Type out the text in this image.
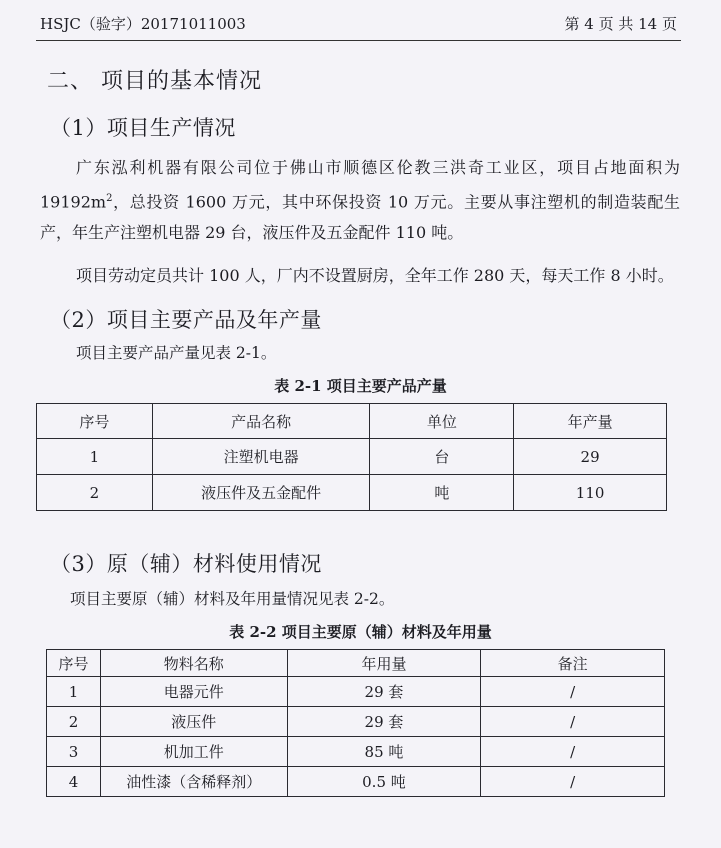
HSJC（验字）20171011003	第 4 页 共 14 页
二、 项目的基本情况
（1）项目生产情况

广东泓利机器有限公司位于佛山市顺德区伦教三洪奇工业区，项目占地面积为$19192m^2$，总投资 1600 万元，其中环保投资 10 万元。主要从事注塑机的制造装配生产，年生产注塑机电器 29 台，液压件及五金配件 110 吨。

项目劳动定员共计 100 人，厂内不设置厨房，全年工作 280 天，每天工作 8 小时。

（2）项目主要产品及年产量
项目主要产品产量见表 2-1。
表 2-1 项目主要产品产量
序号	产品名称	单位	年产量
1	注塑机电器	台	29
2	液压件及五金配件	吨	110
（3）原（辅）材料使用情况
项目主要原（辅）材料及年用量情况见表 2-2。
表 2-2 项目主要原（辅）材料及年用量
序号	物料名称	年用量	备注
1	电器元件	29 套	/
2	液压件	29 套	/
3	机加工件	85 吨	/
4	油性漆（含稀释剂）	0.5 吨	/
